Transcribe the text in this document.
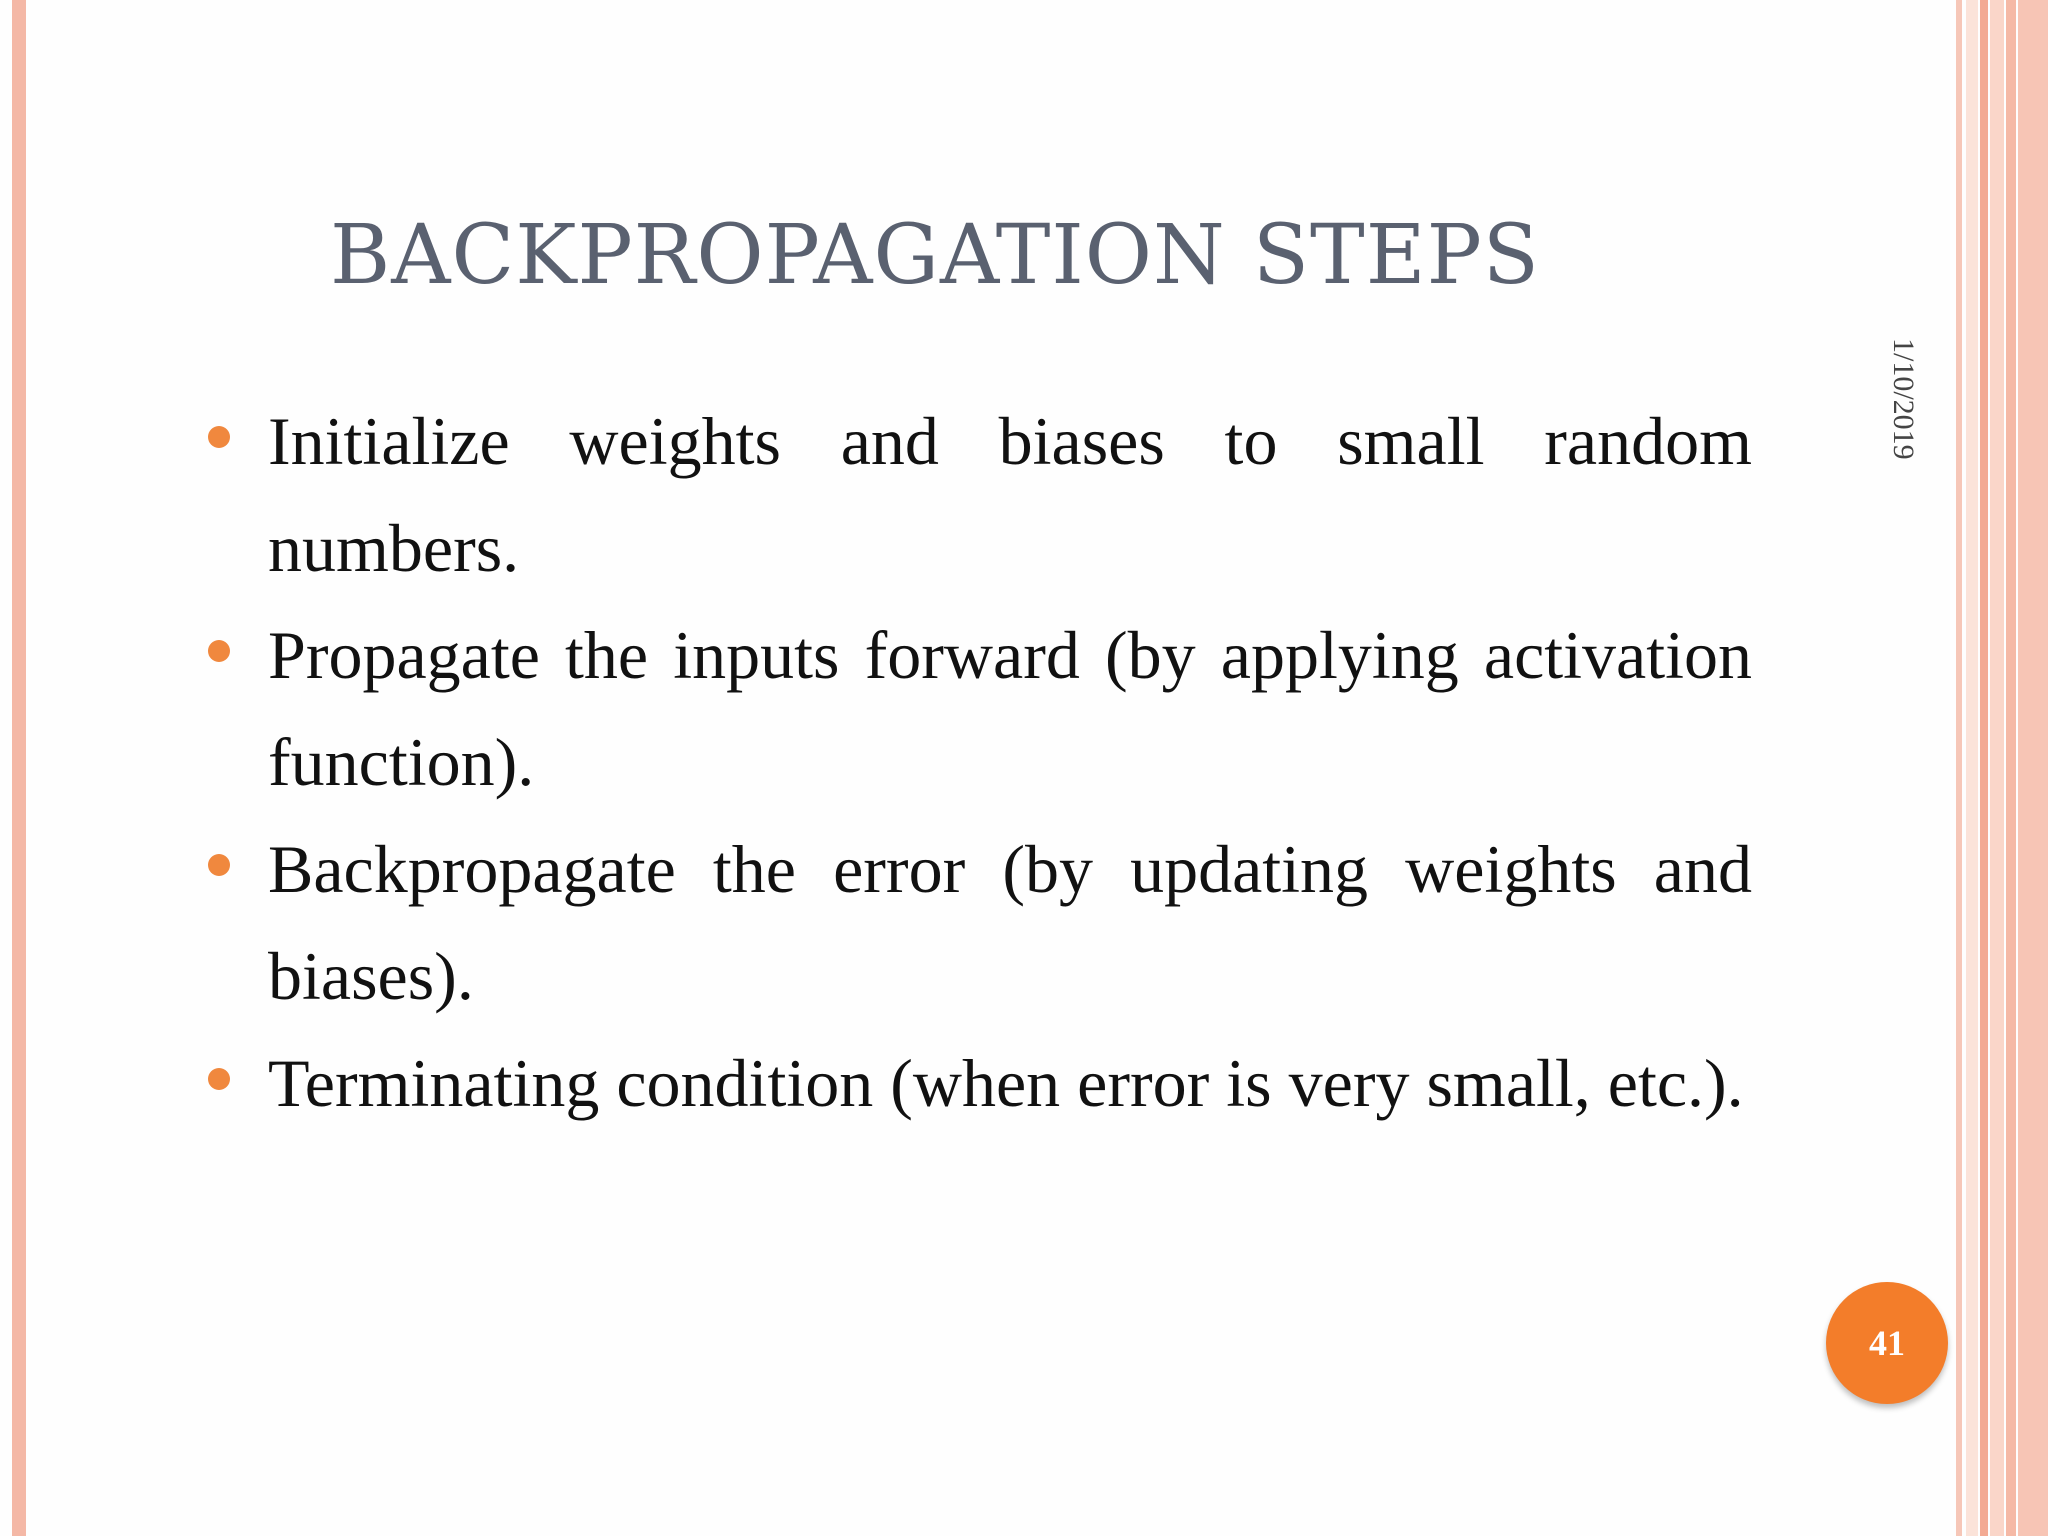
BACKPROPAGATION STEPS
Initialize weights and biases to small random numbers.
Propagate the inputs forward (by applying activation function).
Backpropagate the error (by updating weights and biases).
Terminating condition (when error is very small, etc.).
1/10/2019
41
